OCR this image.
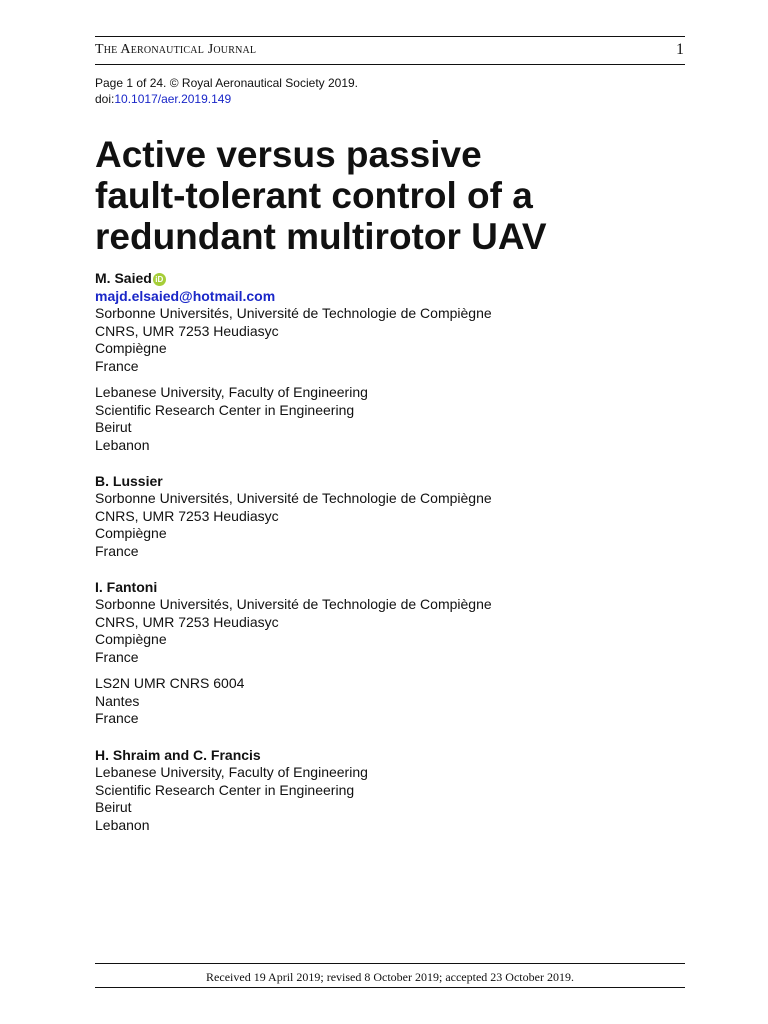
The Aeronautical Journal	1
Page 1 of 24. © Royal Aeronautical Society 2019.
doi:10.1017/aer.2019.149
Active versus passive
fault-tolerant control of a
redundant multirotor UAV
M. Saied iD
majd.elsaied@hotmail.com
Sorbonne Universités, Université de Technologie de Compiègne
CNRS, UMR 7253 Heudiasyc
Compiègne
France
Lebanese University, Faculty of Engineering
Scientific Research Center in Engineering
Beirut
Lebanon
B. Lussier
Sorbonne Universités, Université de Technologie de Compiègne
CNRS, UMR 7253 Heudiasyc
Compiègne
France
I. Fantoni
Sorbonne Universités, Université de Technologie de Compiègne
CNRS, UMR 7253 Heudiasyc
Compiègne
France
LS2N UMR CNRS 6004
Nantes
France
H. Shraim and C. Francis
Lebanese University, Faculty of Engineering
Scientific Research Center in Engineering
Beirut
Lebanon
Received 19 April 2019; revised 8 October 2019; accepted 23 October 2019.
